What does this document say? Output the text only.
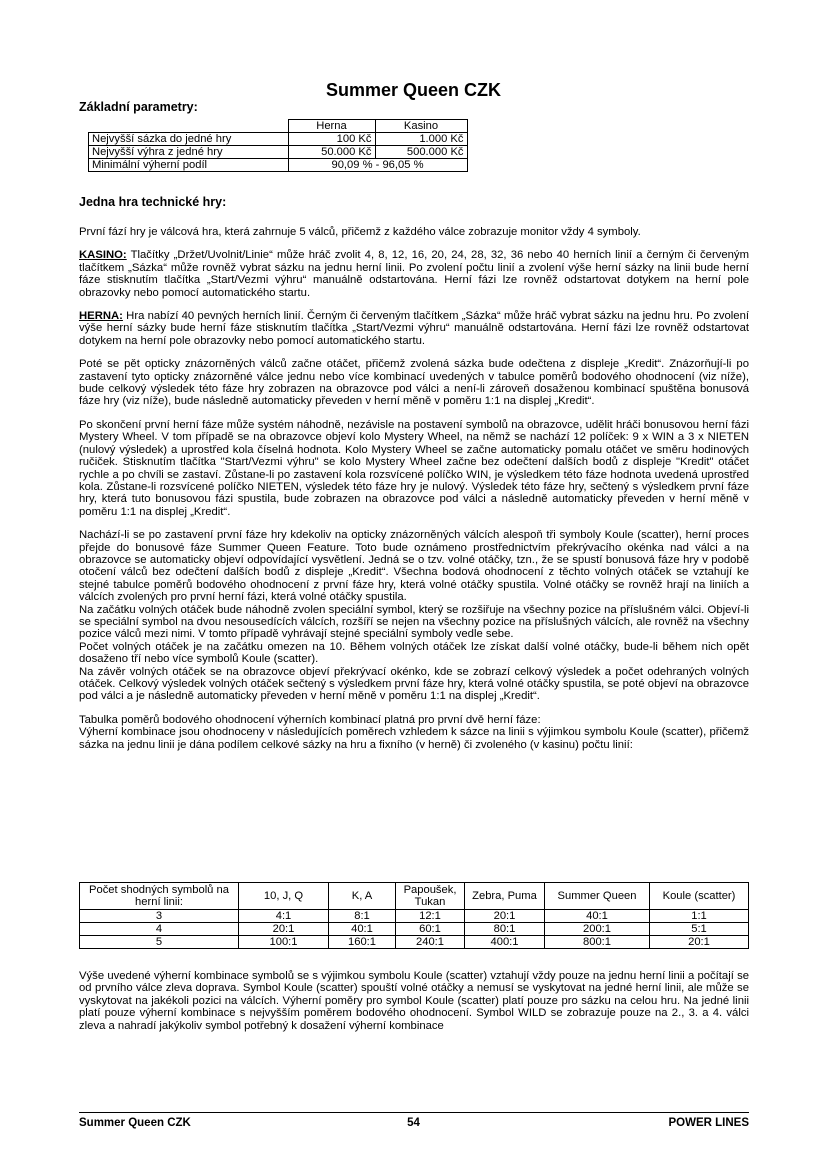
Summer Queen CZK
Základní parametry:
	Herna	Kasino
Nejvyšší sázka do jedné hry	100 Kč	1.000 Kč
Nejvyšší výhra z jedné hry	50.000 Kč	500.000 Kč
Minimální výherní podíl	90,09 % - 96,05 %	
Jedna hra technické hry:

První fází hry je válcová hra, která zahrnuje 5 válců, přičemž z každého válce zobrazuje monitor vždy 4 symboly.

KASINO: Tlačítky „Držet/Uvolnit/Linie“ může hráč zvolit 4, 8, 12, 16, 20, 24, 28, 32, 36 nebo 40 herních linií a černým či červeným tlačítkem „Sázka“ může rovněž vybrat sázku na jednu herní linii. Po zvolení počtu linií a zvolení výše herní sázky na linii bude herní fáze stisknutím tlačítka „Start/Vezmi výhru“ manuálně odstartována. Herní fázi lze rovněž odstartovat dotykem na herní pole obrazovky nebo pomocí automatického startu.

HERNA: Hra nabízí 40 pevných herních linií. Černým či červeným tlačítkem „Sázka“ může hráč vybrat sázku na jednu hru. Po zvolení výše herní sázky bude herní fáze stisknutím tlačítka „Start/Vezmi výhru“ manuálně odstartována. Herní fázi lze rovněž odstartovat dotykem na herní pole obrazovky nebo pomocí automatického startu.

Poté se pět opticky znázorněných válců začne otáčet, přičemž zvolená sázka bude odečtena z displeje „Kredit“. Znázorňují-li po zastavení tyto opticky znázorněné válce jednu nebo více kombinací uvedených v tabulce poměrů bodového ohodnocení (viz níže), bude celkový výsledek této fáze hry zobrazen na obrazovce pod válci a není-li zároveň dosaženou kombinací spuštěna bonusová fáze hry (viz níže), bude následně automaticky převeden v herní měně v poměru 1:1 na displej „Kredit“.

Po skončení první herní fáze může systém náhodně, nezávisle na postavení symbolů na obrazovce, udělit hráči bonusovou herní fázi Mystery Wheel. V tom případě se na obrazovce objeví kolo Mystery Wheel, na němž se nachází 12 políček: 9 x WIN a 3 x NIETEN (nulový výsledek) a uprostřed kola číselná hodnota. Kolo Mystery Wheel se začne automaticky pomalu otáčet ve směru hodinových ručiček. Stisknutím tlačítka "Start/Vezmi výhru" se kolo Mystery Wheel začne bez odečtení dalších bodů z displeje "Kredit" otáčet rychle a po chvíli se zastaví. Zůstane-li po zastavení kola rozsvícené políčko WIN, je výsledkem této fáze hodnota uvedená uprostřed kola. Zůstane-li rozsvícené políčko NIETEN, výsledek této fáze hry je nulový. Výsledek této fáze hry, sečtený s výsledkem první fáze hry, která tuto bonusovou fázi spustila, bude zobrazen na obrazovce pod válci a následně automaticky převeden v herní měně v poměru 1:1 na displej „Kredit“.

Nachází-li se po zastavení první fáze hry kdekoliv na opticky znázorněných válcích alespoň tři symboly Koule (scatter), herní proces přejde do bonusové fáze Summer Queen Feature. Toto bude oznámeno prostřednictvím překrývacího okénka nad válci a na obrazovce se automaticky objeví odpovídající vysvětlení. Jedná se o tzv. volné otáčky, tzn., že se spustí bonusová fáze hry v podobě otočení válců bez odečtení dalších bodů z displeje „Kredit“. Všechna bodová ohodnocení z těchto volných otáček se vztahují ke stejné tabulce poměrů bodového ohodnocení z první fáze hry, která volné otáčky spustila. Volné otáčky se rovněž hrají na liniích a válcích zvolených pro první herní fázi, která volné otáčky spustila.

Na začátku volných otáček bude náhodně zvolen speciální symbol, který se rozšiřuje na všechny pozice na příslušném válci. Objeví-li se speciální symbol na dvou nesousedících válcích, rozšíří se nejen na všechny pozice na příslušných válcích, ale rovněž na všechny pozice válců mezi nimi. V tomto případě vyhrávají stejné speciální symboly vedle sebe.

Počet volných otáček je na začátku omezen na 10. Během volných otáček lze získat další volné otáčky, bude-li během nich opět dosaženo tří nebo více symbolů Koule (scatter).

Na závěr volných otáček se na obrazovce objeví překrývací okénko, kde se zobrazí celkový výsledek a počet odehraných volných otáček. Celkový výsledek volných otáček sečtený s výsledkem první fáze hry, která volné otáčky spustila, se poté objeví na obrazovce pod válci a je následně automaticky převeden v herní měně v poměru 1:1 na displej „Kredit“.

Tabulka poměrů bodového ohodnocení výherních kombinací platná pro první dvě herní fáze:

Výherní kombinace jsou ohodnoceny v následujících poměrech vzhledem k sázce na linii s výjimkou symbolu Koule (scatter), přičemž sázka na jednu linii je dána podílem celkové sázky na hru a fixního (v herně) či zvoleného (v kasinu) počtu linií:

Počet shodných symbolů na herní linii:	10, J, Q	K, A	Papoušek, Tukan	Zebra, Puma	Summer Queen	Koule (scatter)
3	4:1	8:1	12:1	20:1	40:1	1:1
4	20:1	40:1	60:1	80:1	200:1	5:1
5	100:1	160:1	240:1	400:1	800:1	20:1

Výše uvedené výherní kombinace symbolů se s výjimkou symbolu Koule (scatter) vztahují vždy pouze na jednu herní linii a počítají se od prvního válce zleva doprava. Symbol Koule (scatter) spouští volné otáčky a nemusí se vyskytovat na jedné herní linii, ale může se vyskytovat na jakékoli pozici na válcích. Výherní poměry pro symbol Koule (scatter) platí pouze pro sázku na celou hru. Na jedné linii platí pouze výherní kombinace s nejvyšším poměrem bodového ohodnocení. Symbol WILD se zobrazuje pouze na 2., 3. a 4. válci zleva a nahradí jakýkoliv symbol potřebný k dosažení výherní kombinace

Summer Queen CZK	54	POWER LINES
